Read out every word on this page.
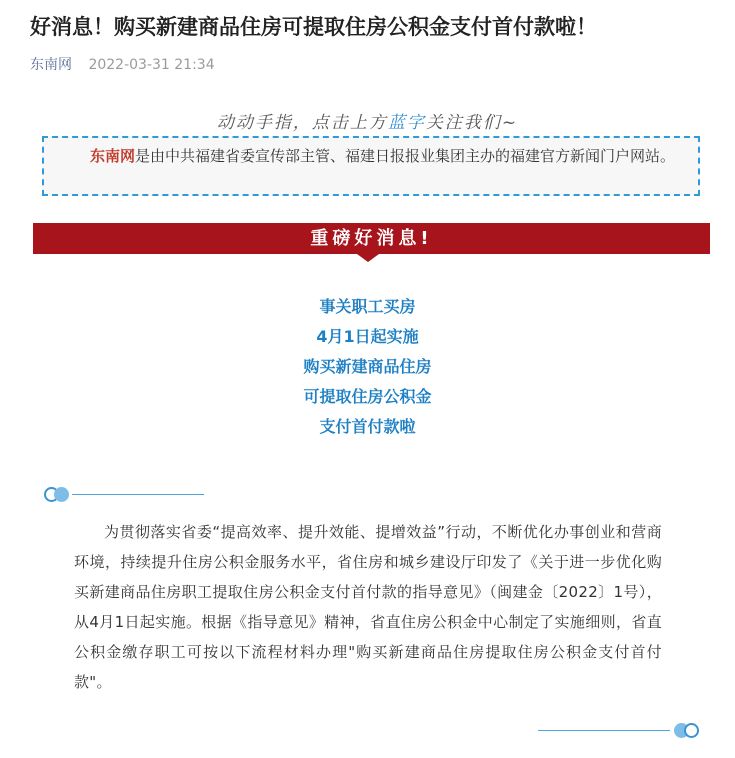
好消息！购买新建商品住房可提取住房公积金支付首付款啦！
东南网 2022-03-31 21:34
动动手指，点击上方蓝字关注我们~
东南网是由中共福建省委宣传部主管、福建日报报业集团主办的福建官方新闻门户网站。
重磅好消息!
事关职工买房
4月1日起实施
购买新建商品住房
可提取住房公积金
支付首付款啦
为贯彻落实省委“提高效率、提升效能、提增效益”行动，不断优化办事创业和营商环境，持续提升住房公积金服务水平，省住房和城乡建设厅印发了《关于进一步优化购买新建商品住房职工提取住房公积金支付首付款的指导意见》（闽建金〔2022〕1号），从4月1日起实施。根据《指导意见》精神，省直住房公积金中心制定了实施细则，省直公积金缴存职工可按以下流程材料办理"购买新建商品住房提取住房公积金支付首付款"。
